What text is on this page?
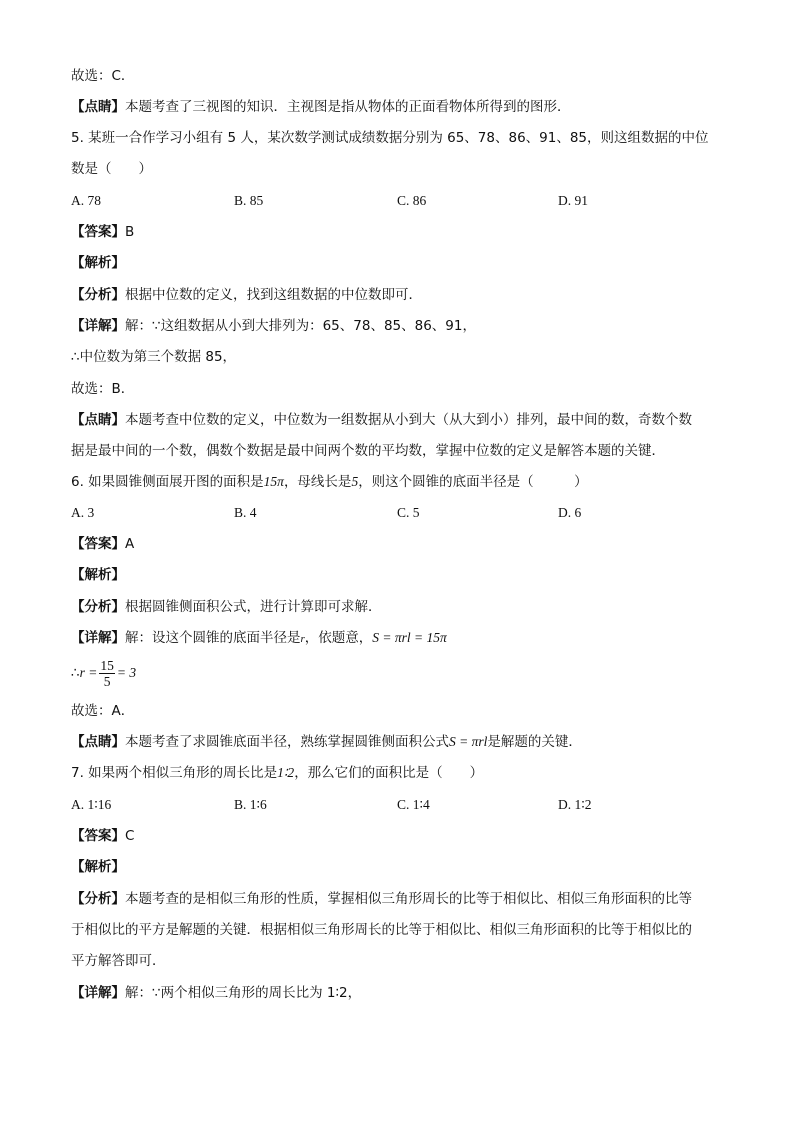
故选：C．
【点睛】本题考查了三视图的知识．主视图是指从物体的正面看物体所得到的图形．
5. 某班一合作学习小组有 5 人，某次数学测试成绩数据分别为 65、78、86、91、85，则这组数据的中位
数是（　　）
A. 78	B. 85	C. 86	D. 91
【答案】B
【解析】
【分析】根据中位数的定义，找到这组数据的中位数即可．
【详解】解：∵这组数据从小到大排列为：65、78、85、86、91，
∴中位数为第三个数据 85，
故选：B．
【点睛】本题考查中位数的定义，中位数为一组数据从小到大（从大到小）排列，最中间的数，奇数个数
据是最中间的一个数，偶数个数据是最中间两个数的平均数，掌握中位数的定义是解答本题的关键．
6. 如果圆锥侧面展开图的面积是15π，母线长是5，则这个圆锥的底面半径是（　　　）
A. 3	B. 4	C. 5	D. 6
【答案】A
【解析】
【分析】根据圆锥侧面积公式，进行计算即可求解．
【详解】解：设这个圆锥的底面半径是r，依题意，S = πrl = 15π
∴r = $\frac{15}{5} = 3$
故选：A．
【点睛】本题考查了求圆锥底面半径，熟练掌握圆锥侧面积公式S = πrl是解题的关键．
7. 如果两个相似三角形的周长比是1∶2，那么它们的面积比是（　　）
A. 1∶16	B. 1∶6	C. 1∶4	D. 1∶2
【答案】C
【解析】
【分析】本题考查的是相似三角形的性质，掌握相似三角形周长的比等于相似比、相似三角形面积的比等
于相似比的平方是解题的关键．根据相似三角形周长的比等于相似比、相似三角形面积的比等于相似比的
平方解答即可．
【详解】解：∵两个相似三角形的周长比为 1∶2，
